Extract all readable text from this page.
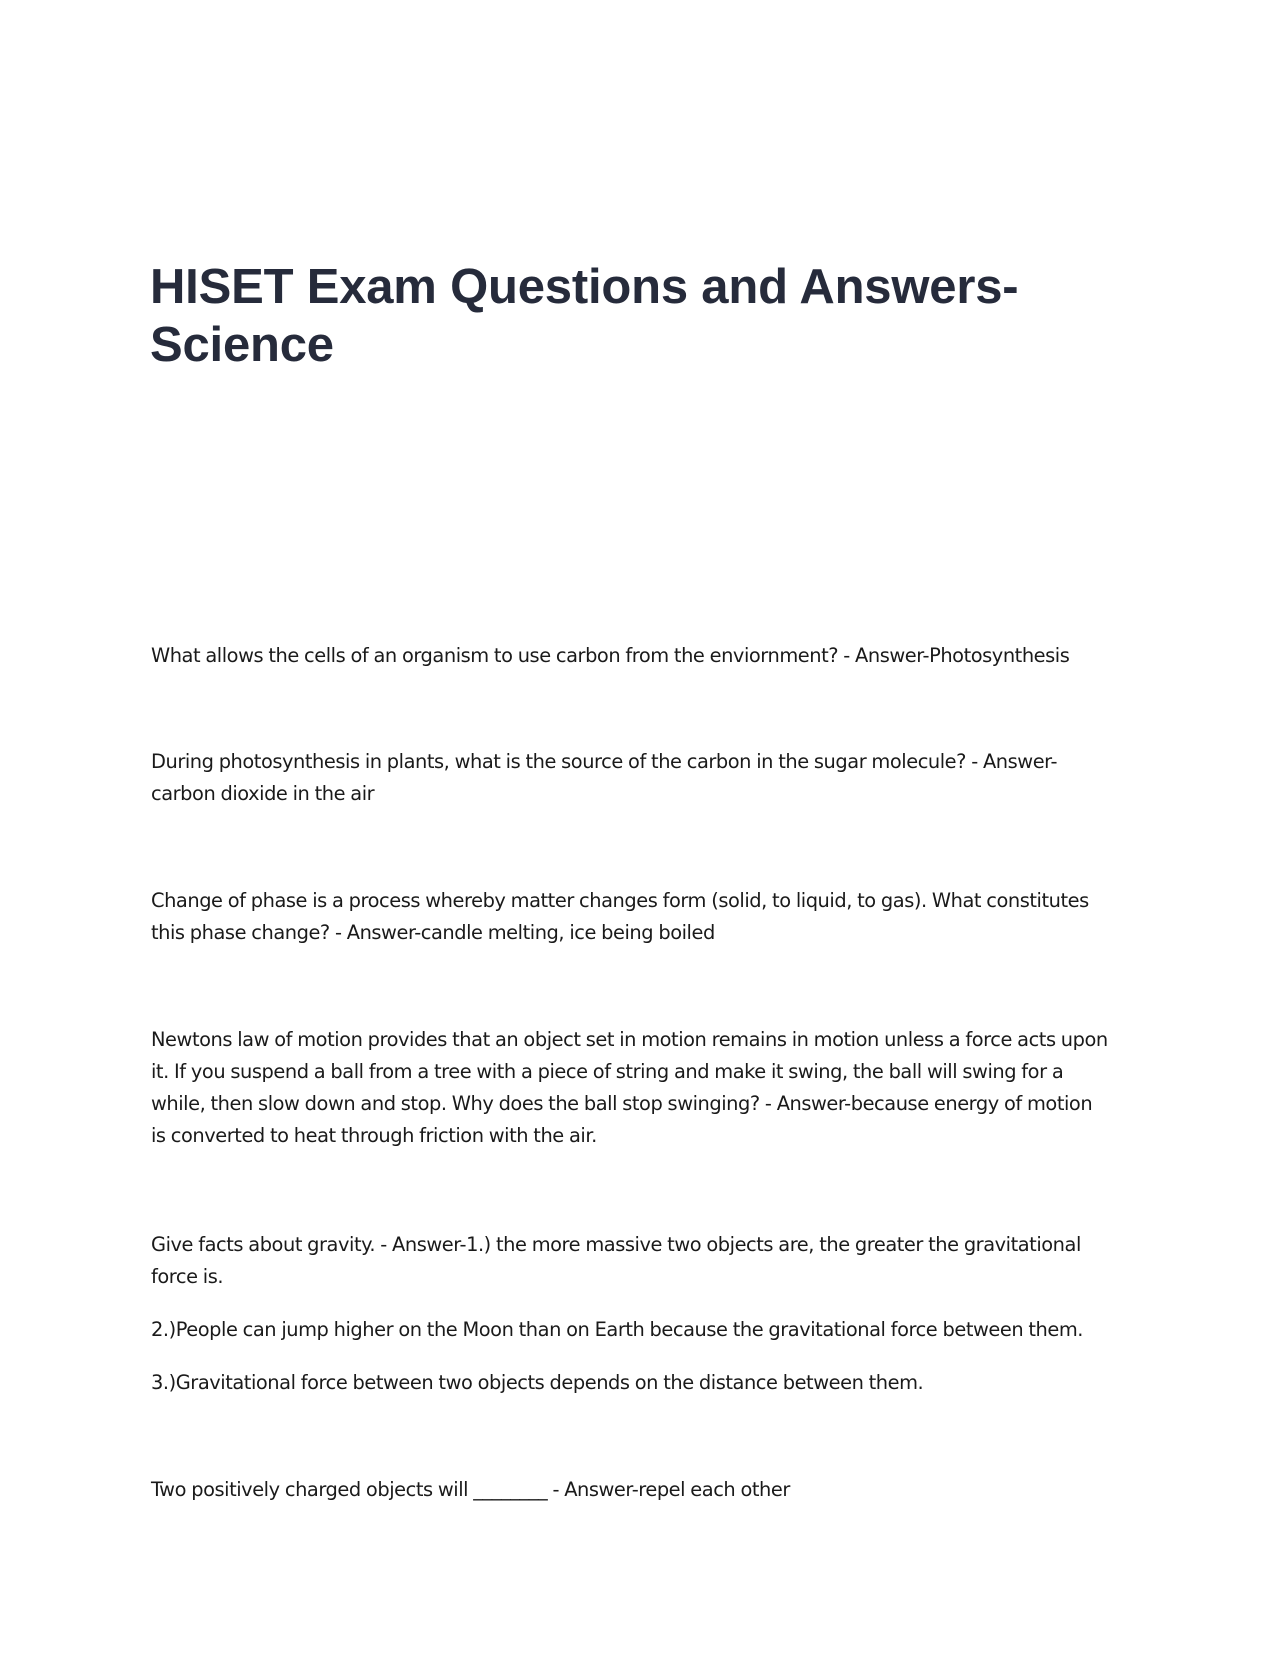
HISET Exam Questions and Answers-
Science

What allows the cells of an organism to use carbon from the enviornment? - Answer-Photosynthesis

During photosynthesis in plants, what is the source of the carbon in the sugar molecule? - Answer-
carbon dioxide in the air

Change of phase is a process whereby matter changes form (solid, to liquid, to gas). What constitutes
this phase change? - Answer-candle melting, ice being boiled

Newtons law of motion provides that an object set in motion remains in motion unless a force acts upon
it. If you suspend a ball from a tree with a piece of string and make it swing, the ball will swing for a
while, then slow down and stop. Why does the ball stop swinging? - Answer-because energy of motion
is converted to heat through friction with the air.

Give facts about gravity. - Answer-1.) the more massive two objects are, the greater the gravitational
force is.

2.)People can jump higher on the Moon than on Earth because the gravitational force between them.

3.)Gravitational force between two objects depends on the distance between them.

Two positively charged objects will ________ - Answer-repel each other
